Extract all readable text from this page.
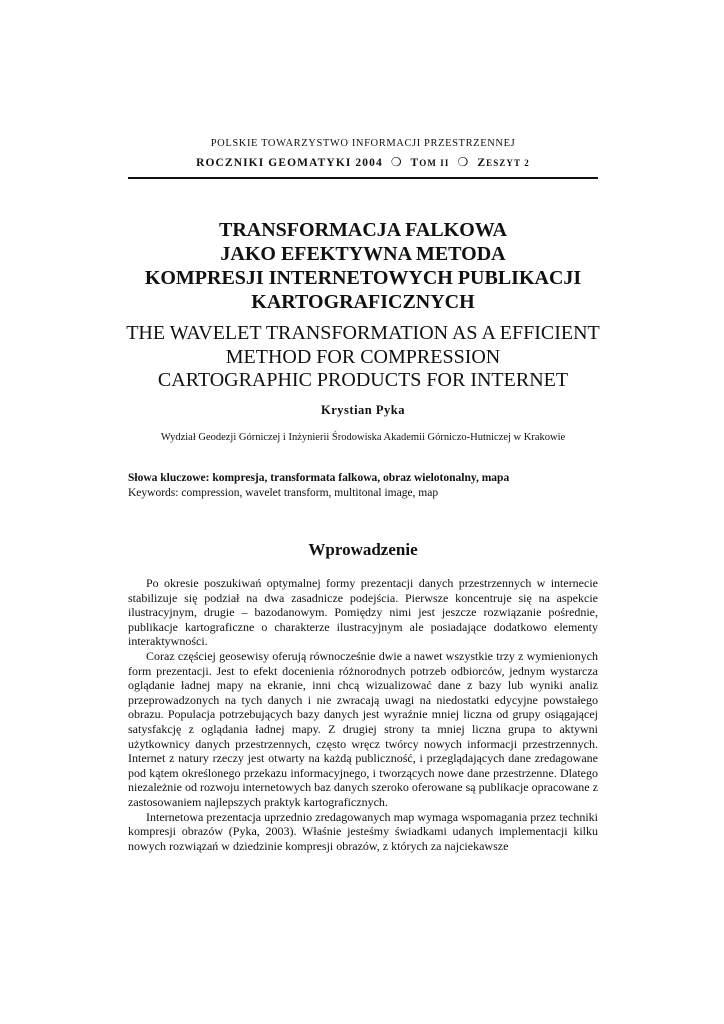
POLSKIE TOWARZYSTWO INFORMACJI PRZESTRZENNEJ
ROCZNIKI GEOMATYKI 2004 ❍ TOM II ❍ ZESZYT 2
TRANSFORMACJA FALKOWA
JAKO EFEKTYWNA METODA
KOMPRESJI INTERNETOWYCH PUBLIKACJI
KARTOGRAFICZNYCH
THE WAVELET TRANSFORMATION AS A EFFICIENT
METHOD FOR COMPRESSION
CARTOGRAPHIC PRODUCTS FOR INTERNET
Krystian Pyka
Wydział Geodezji Górniczej i Inżynierii Środowiska Akademii Górniczo-Hutniczej w Krakowie
Słowa kluczowe: kompresja, transformata falkowa, obraz wielotonalny, mapa
Keywords: compression, wavelet transform, multitonal image, map
Wprowadzenie

Po okresie poszukiwań optymalnej formy prezentacji danych przestrzennych w internecie stabilizuje się podział na dwa zasadnicze podejścia. Pierwsze koncentruje się na aspekcie ilustracyjnym, drugie – bazodanowym. Pomiędzy nimi jest jeszcze rozwiązanie pośrednie, publikacje kartograficzne o charakterze ilustracyjnym ale posiadające dodatkowo elementy interaktywności.

Coraz częściej geosewisy oferują równocześnie dwie a nawet wszystkie trzy z wymienionych form prezentacji. Jest to efekt docenienia różnorodnych potrzeb odbiorców, jednym wystarcza oglądanie ładnej mapy na ekranie, inni chcą wizualizować dane z bazy lub wyniki analiz przeprowadzonych na tych danych i nie zwracają uwagi na niedostatki edycyjne powstałego obrazu. Populacja potrzebujących bazy danych jest wyraźnie mniej liczna od grupy osiągającej satysfakcję z oglądania ładnej mapy. Z drugiej strony ta mniej liczna grupa to aktywni użytkownicy danych przestrzennych, często wręcz twórcy nowych informacji przestrzennych. Internet z natury rzeczy jest otwarty na każdą publiczność, i przeglądających dane zredagowane pod kątem określonego przekazu informacyjnego, i tworzących nowe dane przestrzenne. Dlatego niezależnie od rozwoju internetowych baz danych szeroko oferowane są publikacje opracowane z zastosowaniem najlepszych praktyk kartograficznych.

Internetowa prezentacja uprzednio zredagowanych map wymaga wspomagania przez techniki kompresji obrazów (Pyka, 2003). Właśnie jesteśmy świadkami udanych implementacji kilku nowych rozwiązań w dziedzinie kompresji obrazów, z których za najciekawsze
